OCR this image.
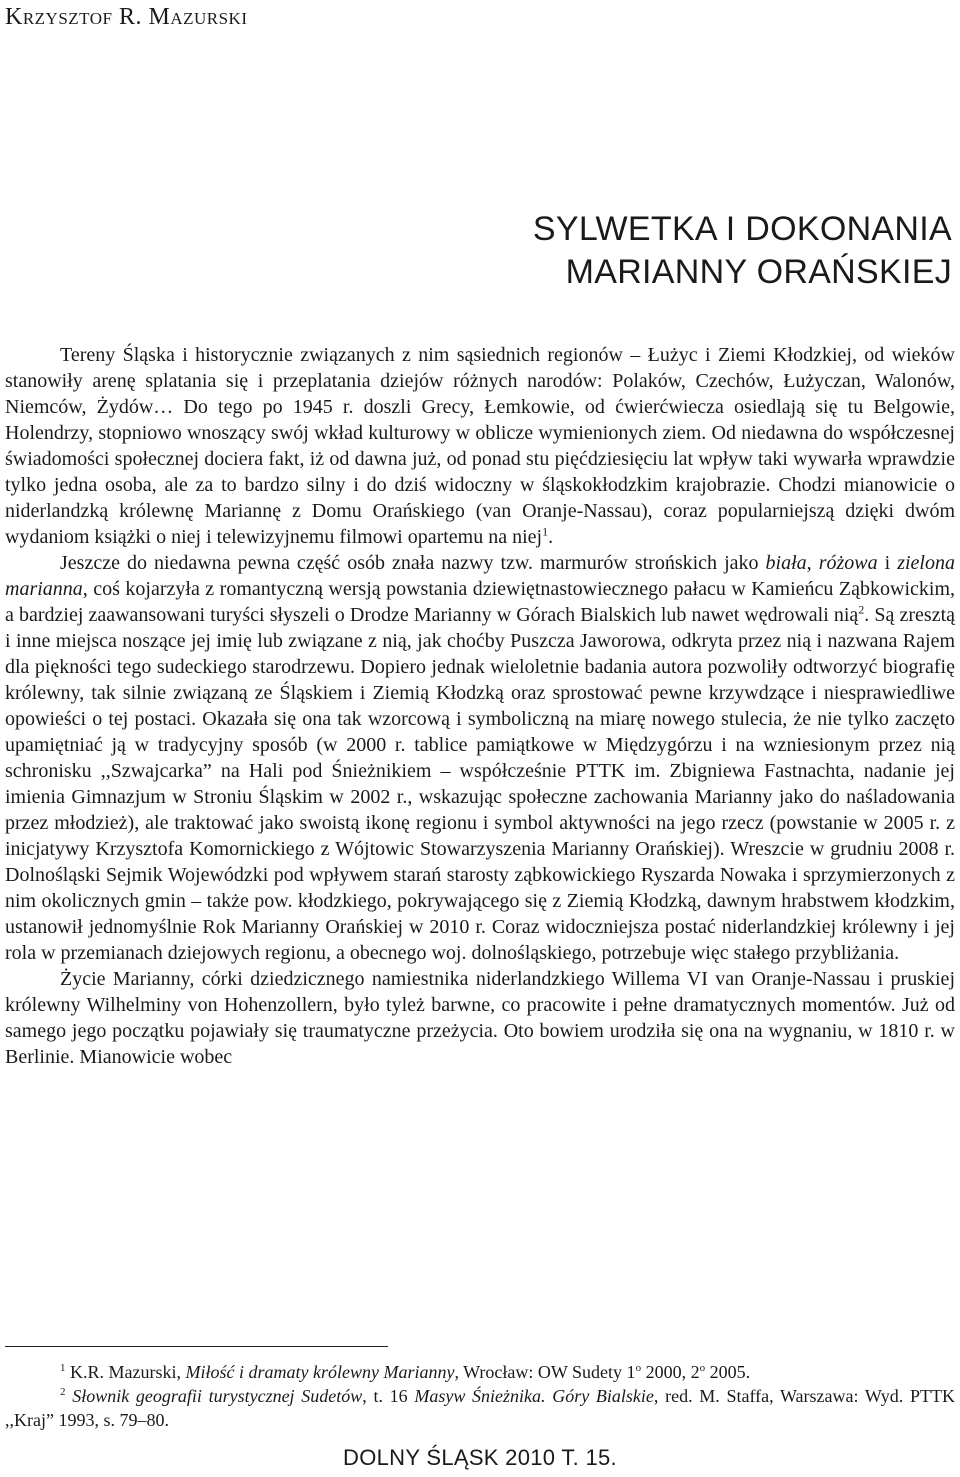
Krzysztof R. Mazurski
SYLWETKA I DOKONANIA
MARIANNY ORAŃSKIEJ

Tereny Śląska i historycznie związanych z nim sąsiednich regionów – Łużyc i Ziemi Kłodzkiej, od wieków stanowiły arenę splatania się i przeplatania dziejów różnych narodów: Polaków, Czechów, Łużyczan, Walonów, Niemców, Żydów… Do tego po 1945 r. doszli Grecy, Łemkowie, od ćwierćwiecza osiedlają się tu Belgowie, Holendrzy, stopniowo wnoszący swój wkład kulturowy w oblicze wymienionych ziem. Od niedawna do współczesnej świadomości społecznej dociera fakt, iż od dawna już, od ponad stu pięćdziesięciu lat wpływ taki wywarła wprawdzie tylko jedna osoba, ale za to bardzo silny i do dziś widoczny w śląskokłodzkim krajobrazie. Chodzi mianowicie o niderlandzką królewnę Mariannę z Domu Orańskiego (van Oranje-Nassau), coraz popularniejszą dzięki dwóm wydaniom książki o niej i telewizyjnemu filmowi opartemu na niej$^1$.

Jeszcze do niedawna pewna część osób znała nazwy tzw. marmurów strońskich jako biała, różowa i zielona marianna, coś kojarzyła z romantyczną wersją powstania dziewiętnastowiecznego pałacu w Kamieńcu Ząbkowickim, a bardziej zaawansowani turyści słyszeli o Drodze Marianny w Górach Bialskich lub nawet wędrowali nią$^2$. Są zresztą i inne miejsca noszące jej imię lub związane z nią, jak choćby Puszcza Jaworowa, odkryta przez nią i nazwana Rajem dla piękności tego sudeckiego starodrzewu. Dopiero jednak wieloletnie badania autora pozwoliły odtworzyć biografię królewny, tak silnie związaną ze Śląskiem i Ziemią Kłodzką oraz sprostować pewne krzywdzące i niesprawiedliwe opowieści o tej postaci. Okazała się ona tak wzorcową i symboliczną na miarę nowego stulecia, że nie tylko zaczęto upamiętniać ją w tradycyjny sposób (w 2000 r. tablice pamiątkowe w Międzygórzu i na wzniesionym przez nią schronisku ,,Szwajcarka” na Hali pod Śnieżnikiem – współcześnie PTTK im. Zbigniewa Fastnachta, nadanie jej imienia Gimnazjum w Stroniu Śląskim w 2002 r., wskazując społeczne zachowania Marianny jako do naśladowania przez młodzież), ale traktować jako swoistą ikonę regionu i symbol aktywności na jego rzecz (powstanie w 2005 r. z inicjatywy Krzysztofa Komornickiego z Wójtowic Stowarzyszenia Marianny Orańskiej). Wreszcie w grudniu 2008 r. Dolnośląski Sejmik Wojewódzki pod wpływem starań starosty ząbkowickiego Ryszarda Nowaka i sprzymierzonych z nim okolicznych gmin – także pow. kłodzkiego, pokrywającego się z Ziemią Kłodzką, dawnym hrabstwem kłodzkim, ustanowił jednomyślnie Rok Marianny Orańskiej w 2010 r. Coraz widoczniejsza postać niderlandzkiej królewny i jej rola w przemianach dziejowych regionu, a obecnego woj. dolnośląskiego, potrzebuje więc stałego przybliżania.

Życie Marianny, córki dziedzicznego namiestnika niderlandzkiego Willema VI van Oranje-Nassau i pruskiej królewny Wilhelminy von Hohenzollern, było tyleż barwne, co pracowite i pełne dramatycznych momentów. Już od samego jego początku pojawiały się traumatyczne przeżycia. Oto bowiem urodziła się ona na wygnaniu, w 1810 r. w Berlinie. Mianowicie wobec

$^1$ K.R. Mazurski, Miłość i dramaty królewny Marianny, Wrocław: OW Sudety 1$^o$ 2000, 2$^o$ 2005.

$^2$ Słownik geografii turystycznej Sudetów, t. 16 Masyw Śnieżnika. Góry Bialskie, red. M. Staffa, Warszawa: Wyd. PTTK ,,Kraj” 1993, s. 79–80.

DOLNY ŚLĄSK 2010 T. 15.
